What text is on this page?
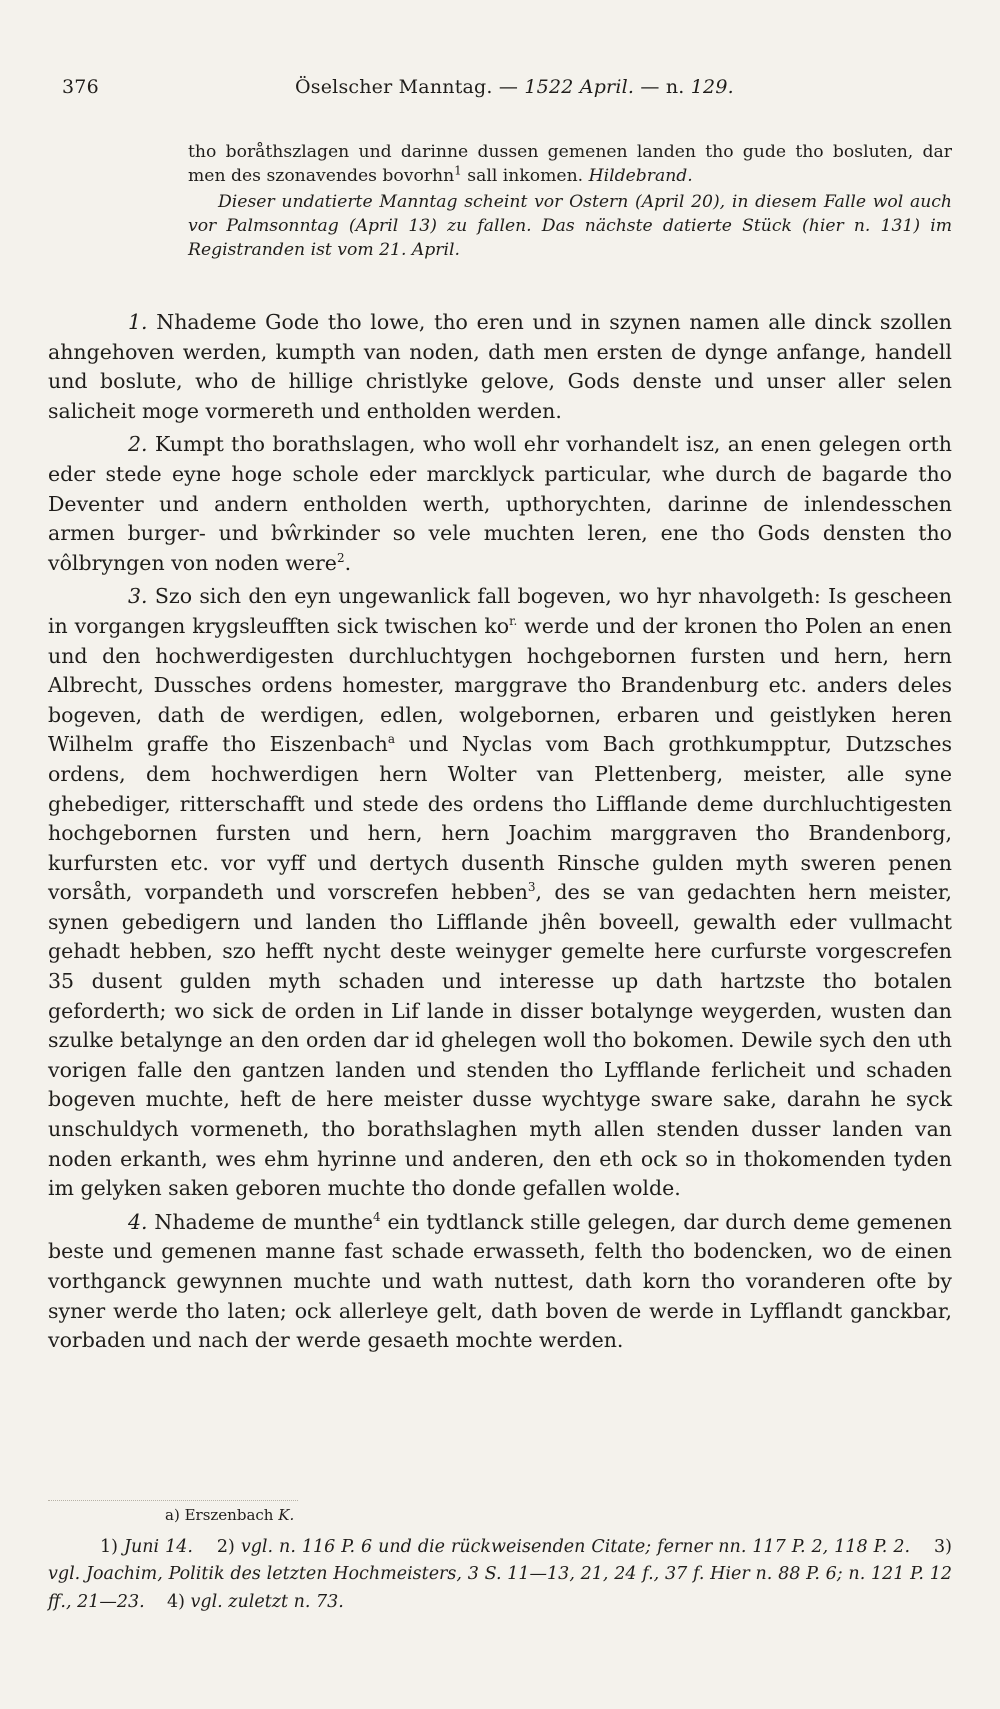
376	Öselscher Manntag. — 1522 April. — n. 129.

tho boråthszlagen und darinne dussen gemenen landen tho gude tho bosluten, dar men des szonavendes bovorhn$^1$ sall inkomen. Hildebrand.

Dieser undatierte Manntag scheint vor Ostern (April 20), in diesem Falle wol auch vor Palmsonntag (April 13) zu fallen. Das nächste datierte Stück (hier n. 131) im Registranden ist vom 21. April.

1. Nhademe Gode tho lowe, tho eren und in szynen namen alle dinck szollen ahngehoven werden, kumpth van noden, dath men ersten de dynge anfange, handell und boslute, who de hillige christlyke gelove, Gods denste und unser aller selen salicheit moge vormereth und entholden werden.

2. Kumpt tho borathslagen, who woll ehr vorhandelt isz, an enen gelegen orth eder stede eyne hoge schole eder marcklyck particular, whe durch de bagarde tho Deventer und andern entholden werth, upthorychten, darinne de inlendesschen armen burger- und bŵrkinder so vele muchten leren, ene tho Gods densten tho vôlbryngen von noden were$^2$.

3. Szo sich den eyn ungewanlick fall bogeven, wo hyr nhavolgeth: Is gescheen in vorgangen krygsleufften sick twischen $ko^{r.}$ werde und der kronen tho Polen an enen und den hochwerdigesten durchluchtygen hochgebornen fursten und hern, hern Albrecht, Dussches ordens homester, marggrave tho Brandenburg etc. anders deles bogeven, dath de werdigen, edlen, wolgebornen, erbaren und geistlyken heren Wilhelm graffe tho Eiszenbach$^a$ und Nyclas vom Bach grothkumpptur, Dutzsches ordens, dem hochwerdigen hern Wolter van Plettenberg, meister, alle syne ghebediger, ritterschafft und stede des ordens tho Lifflande deme durchluchtigesten hochgebornen fursten und hern, hern Joachim marggraven tho Brandenborg, kurfursten etc. vor vyff und dertych dusenth Rinsche gulden myth sweren penen vorsåth, vorpandeth und vorscrefen hebben$^3$, des se van gedachten hern meister, synen gebedigern und landen tho Lifflande jhên boveell, gewalth eder vullmacht gehadt hebben, szo hefft nycht deste weinyger gemelte here curfurste vorgescrefen 35 dusent gulden myth schaden und interesse up dath hartzste tho botalen geforderth; wo sick de orden in Lif lande in disser botalynge weygerden, wusten dan szulke betalynge an den orden dar id ghelegen woll tho bokomen. Dewile sych den uth vorigen falle den gantzen landen und stenden tho Lyfflande ferlicheit und schaden bogeven muchte, heft de here meister dusse wychtyge sware sake, darahn he syck unschuldych vormeneth, tho borathslaghen myth allen stenden dusser landen van noden erkanth, wes ehm hyrinne und anderen, den eth ock so in thokomenden tyden im gelyken saken geboren muchte tho donde gefallen wolde.

4. Nhademe de munthe$^4$ ein tydtlanck stille gelegen, dar durch deme gemenen beste und gemenen manne fast schade erwasseth, felth tho bodencken, wo de einen vorthganck gewynnen muchte und wath nuttest, dath korn tho voranderen ofte by syner werde tho laten; ock allerleye gelt, dath boven de werde in Lyfflandt ganckbar, vorbaden und nach der werde gesaeth mochte werden.

a) Erszenbach K.

1) Juni 14. 2) vgl. n. 116 P. 6 und die rückweisenden Citate; ferner nn. 117 P. 2, 118 P. 2. 3) vgl. Joachim, Politik des letzten Hochmeisters, 3 S. 11—13, 21, 24 f., 37 f. Hier n. 88 P. 6; n. 121 P. 12 ff., 21—23. 4) vgl. zuletzt n. 73.
